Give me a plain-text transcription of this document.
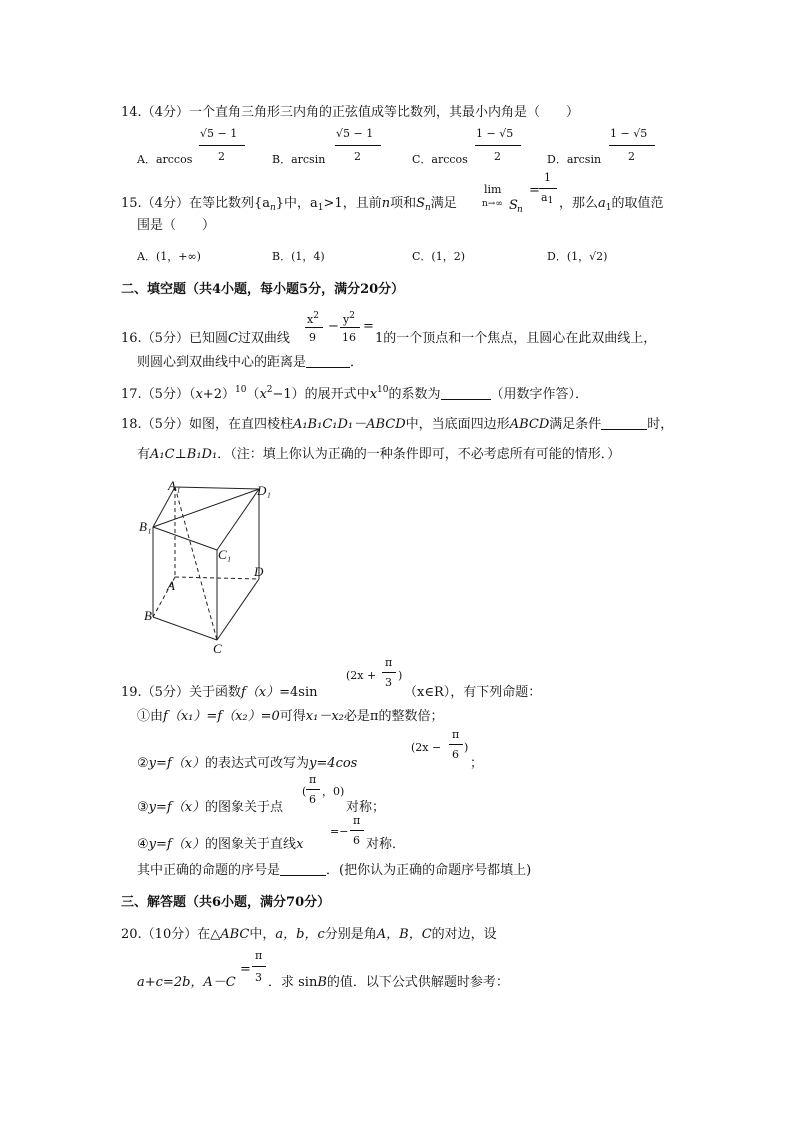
14.（4分）一个直角三角形三内角的正弦值成等比数列，其最小内角是（　　）
A．arccos
√5 − 1
2	B．arcsin
√5 − 1
2	C．arccos
1 − √5
2	D．arcsin
1 − √5
2
15.（4分）在等比数列$\{a_n\}$中，$a_1>1$，且前n项和$S_n$满足
lim
n→∞ S n
=
1
a1 ，那么$a_1$的取值范
围是（　　）
A．(1，+∞)	B．(1，4)	C．(1，2)	D．(1，√2)
二、填空题（共4小题，每小题5分，满分20分）
16.（5分）已知圆C过双曲线
$x^2$
9
− $y^2$
16
=
1的一个顶点和一个焦点，且圆心在此双曲线上，
则圆心到双曲线中心的距离是	．
17.（5分）$(x+2)^{10}(x^2-1)$的展开式中$x^{10}$的系数为	（用数字作答）．
18.（5分）如图，在直四棱柱A₁B₁C₁D₁－ABCD中，当底面四边形ABCD满足条件	时，
有A₁C⊥B₁D₁．（注：填上你认为正确的一种条件即可，不必考虑所有可能的情形．）
A₁	D₁
B₁
C₁
A
D
B
C
19.（5分）关于函数f（x）=4sin
(2x +
π
3
)
（x∈R），有下列命题：
①由f（x₁）=f（x₂）=0可得x₁－x₂必是π的整数倍；
②y=f（x）的表达式可改写为y=4cos
(2x −
π
6
)
；
③y=f（x）的图象关于点
(
π
6
，0)
对称；
④y=f（x）的图象关于直线x
=−
π
6 对称．
其中正确的命题的序号是	．(把你认为正确的命题序号都填上)
三、解答题（共6小题，满分70分）
20.（10分）在△ABC中，a，b，c分别是角A，B，C的对边，设
a+c=2b，A－C
=
π
3 ．求 sinB的值．以下公式供解题时参考：
